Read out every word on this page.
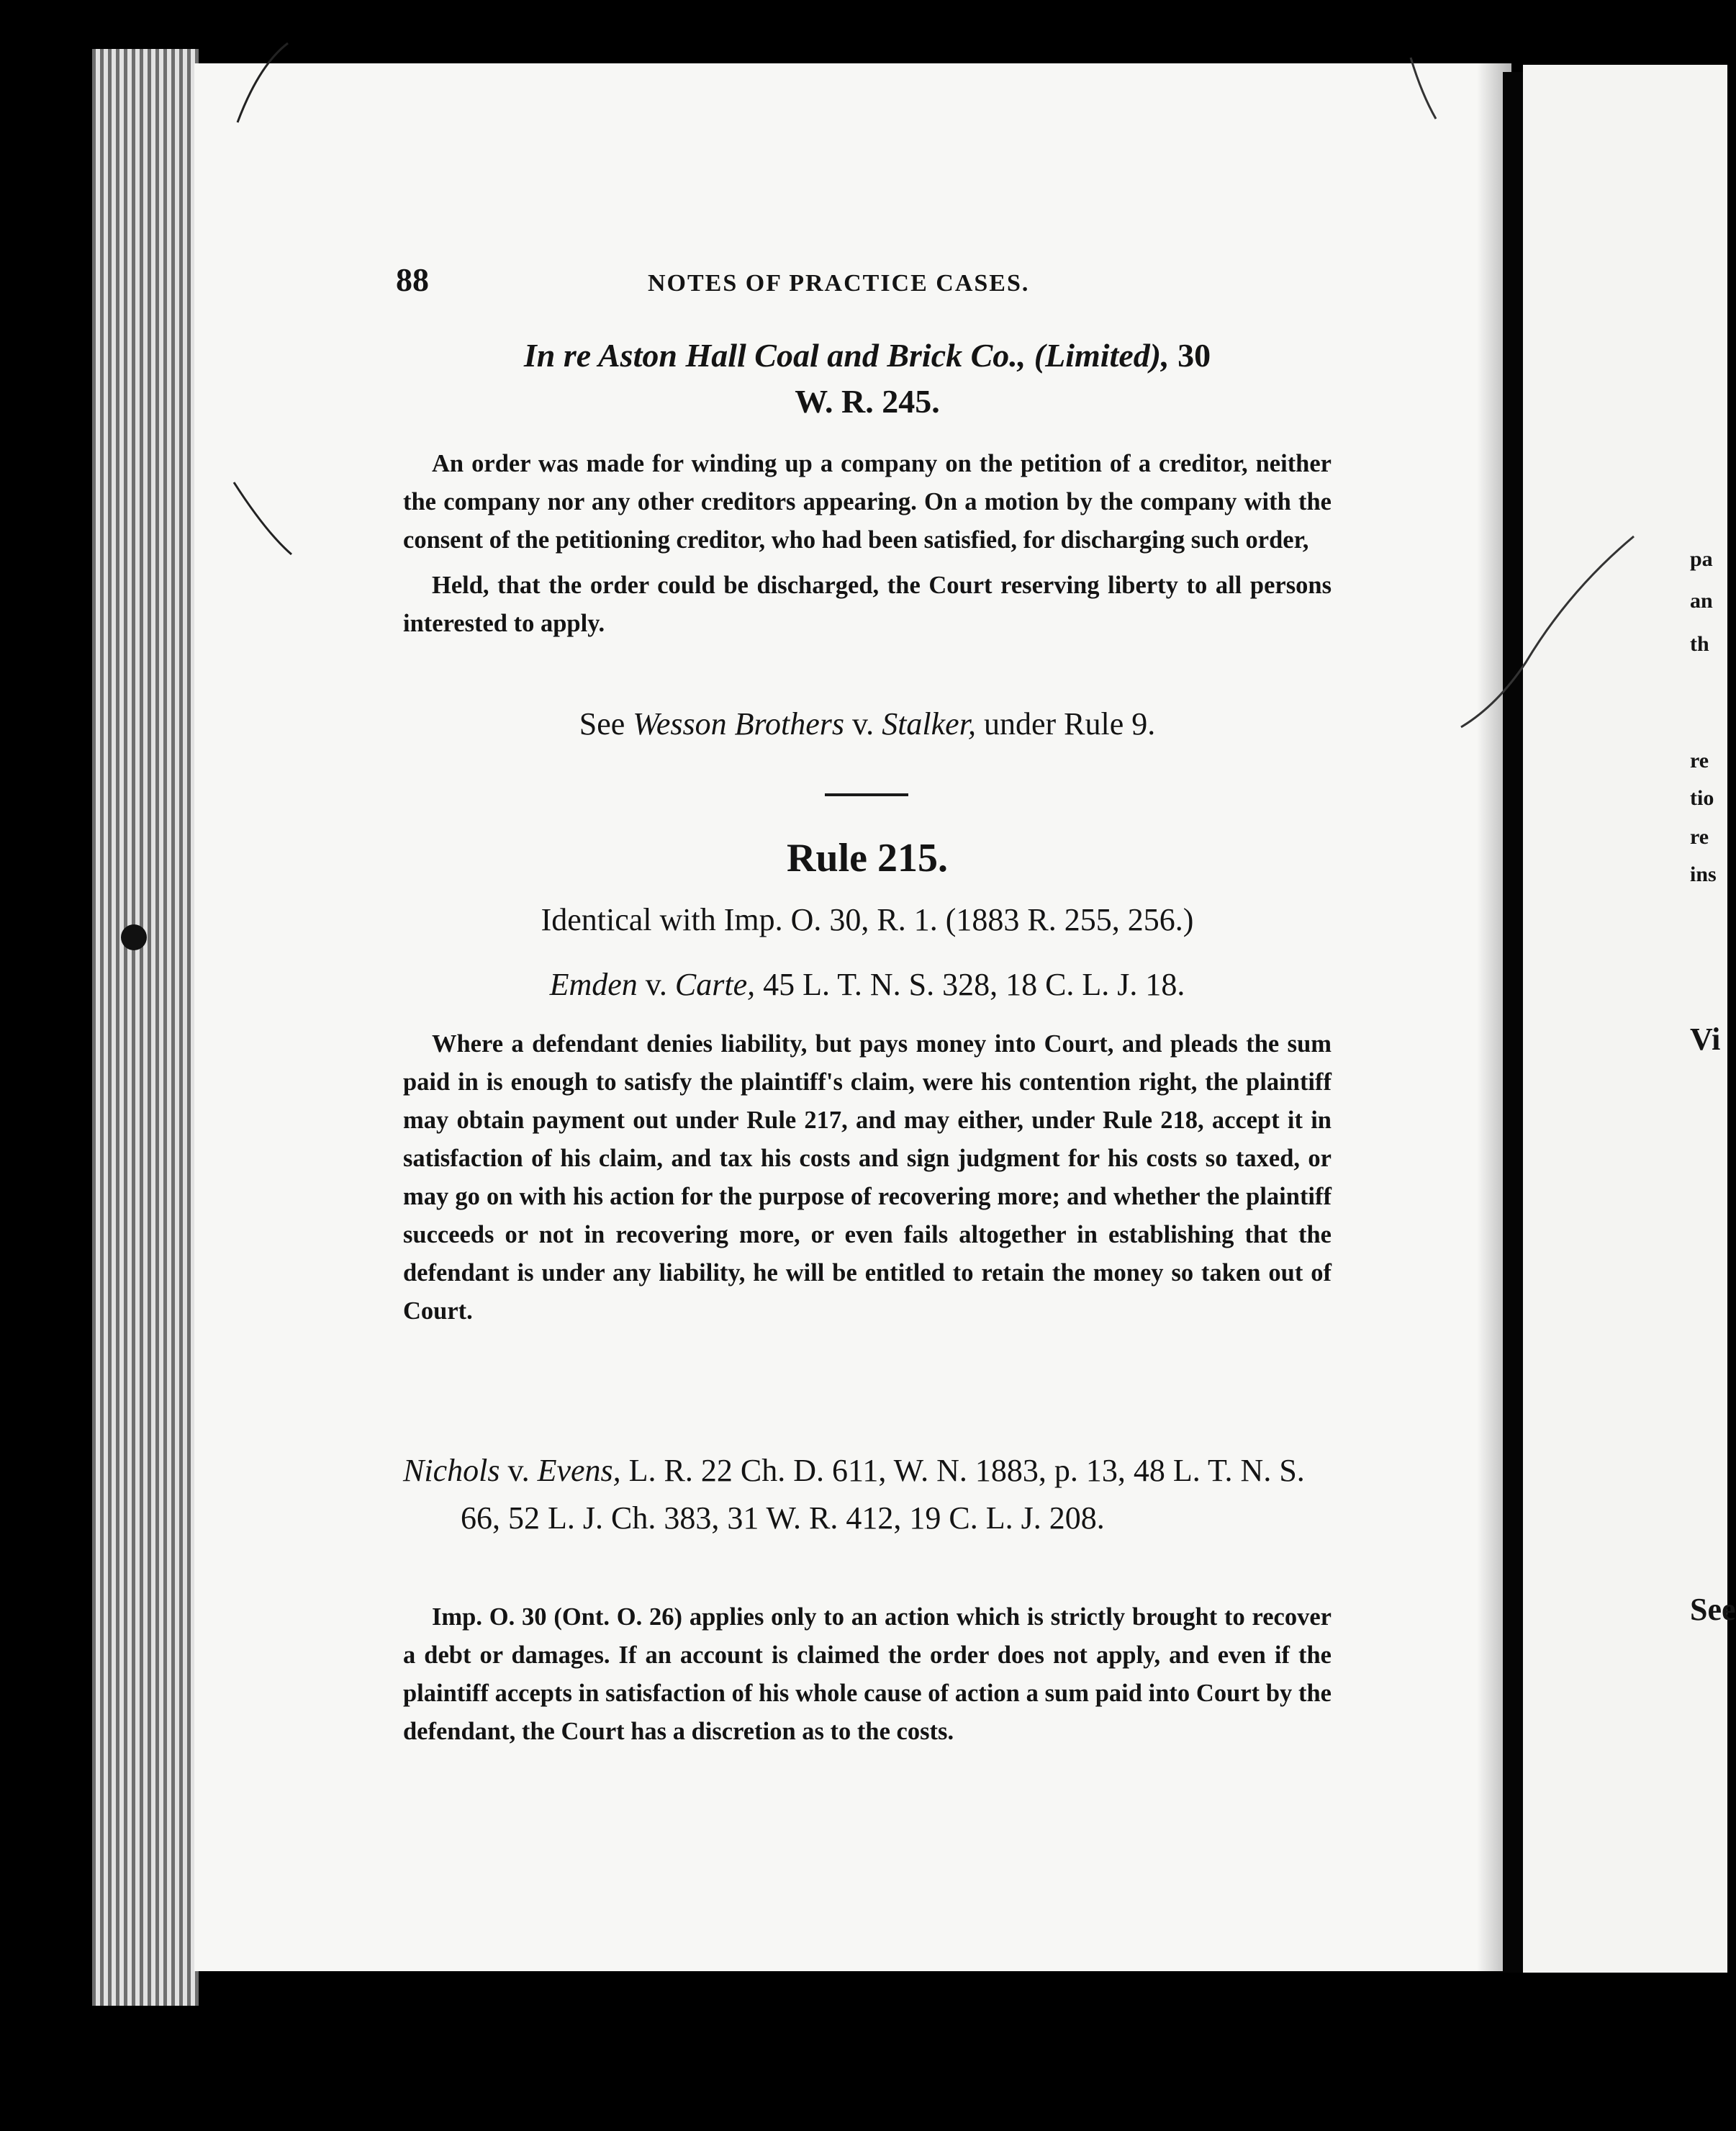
pa
an
th
re
tio
re
ins
Vi
See
88	NOTES OF PRACTICE CASES.
In re Aston Hall Coal and Brick Co., (Limited), 30
W. R. 245.

An order was made for winding up a company on the petition of a creditor, neither the company nor any other creditors appearing. On a motion by the company with the consent of the petitioning creditor, who had been satisfied, for discharging such order,

Held, that the order could be discharged, the Court reserving liberty to all persons interested to apply.

See Wesson Brothers v. Stalker, under Rule 9.
Rule 215.
Identical with Imp. O. 30, R. 1. (1883 R. 255, 256.)
Emden v. Carte, 45 L. T. N. S. 328, 18 C. L. J. 18.

Where a defendant denies liability, but pays money into Court, and pleads the sum paid in is enough to satisfy the plaintiff's claim, were his contention right, the plaintiff may obtain payment out under Rule 217, and may either, under Rule 218, accept it in satisfaction of his claim, and tax his costs and sign judgment for his costs so taxed, or may go on with his action for the purpose of recovering more; and whether the plaintiff succeeds or not in recovering more, or even fails altogether in establishing that the defendant is under any liability, he will be entitled to retain the money so taken out of Court.

Nichols v. Evens, L. R. 22 Ch. D. 611, W. N. 1883, p. 13, 48 L. T. N. S. 66, 52 L. J. Ch. 383, 31 W. R. 412, 19 C. L. J. 208.

Imp. O. 30 (Ont. O. 26) applies only to an action which is strictly brought to recover a debt or damages. If an account is claimed the order does not apply, and even if the plaintiff accepts in satisfaction of his whole cause of action a sum paid into Court by the defendant, the Court has a discretion as to the costs.
